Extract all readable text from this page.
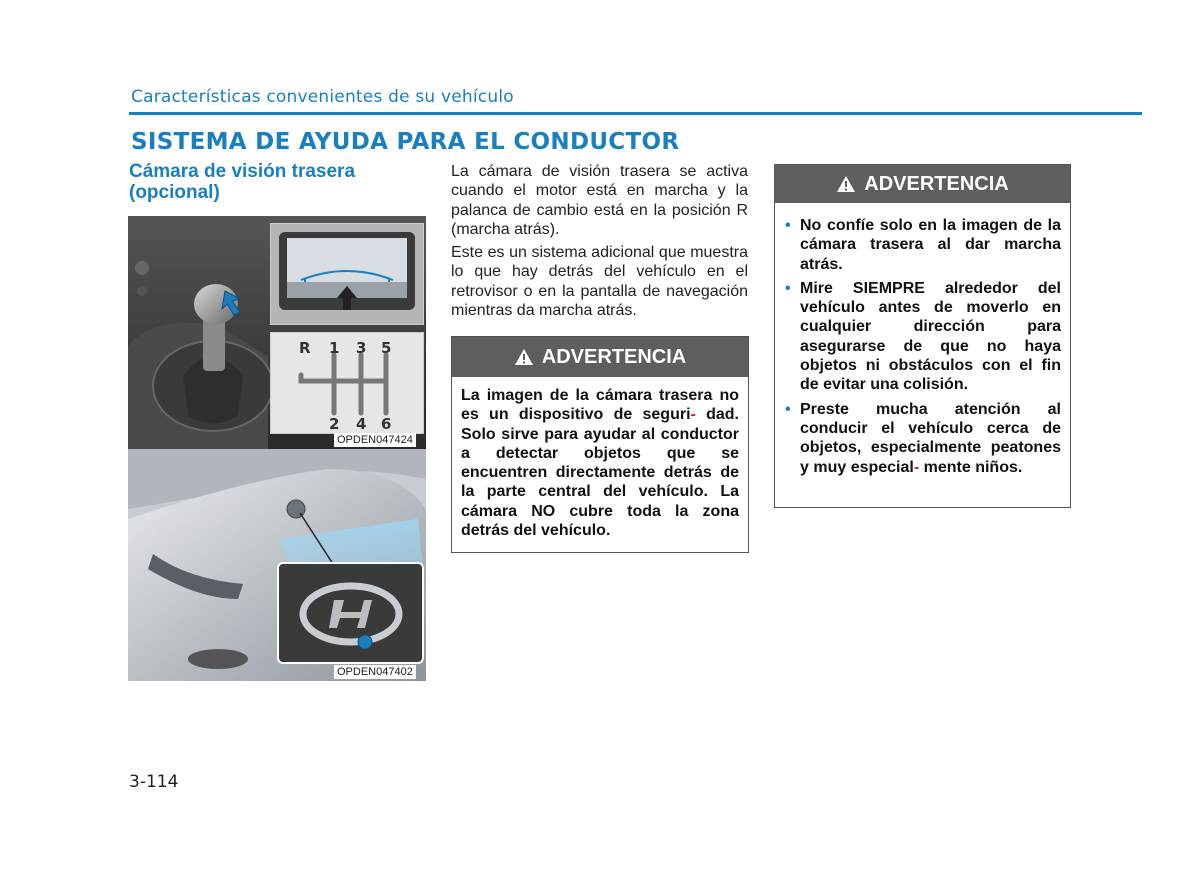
Características convenientes de su vehículo
SISTEMA DE AYUDA PARA EL CONDUCTOR
Cámara de visión trasera
(opcional)
R 1 3 5
2 4 6
OPDEN047424
OPDEN047402

La cámara de visión trasera se activa cuando el motor está en marcha y la palanca de cambio está en la posición R (marcha atrás).

Este es un sistema adicional que muestra lo que hay detrás del vehículo en el retrovisor o en la pantalla de navegación mientras da marcha atrás.

ADVERTENCIA
La imagen de la cámara trasera no es un dispositivo de seguri- dad. Solo sirve para ayudar al conductor a detectar objetos que se encuentren directamente detrás de la parte central del vehículo. La cámara NO cubre toda la zona detrás del vehículo.
ADVERTENCIA
• No confíe solo en la imagen de la cámara trasera al dar marcha atrás.
• Mire SIEMPRE alrededor del vehículo antes de moverlo en cualquier dirección para asegurarse de que no haya objetos ni obstáculos con el fin de evitar una colisión.
• Preste mucha atención al conducir el vehículo cerca de objetos, especialmente peatones y muy especial- mente niños.
3-114
